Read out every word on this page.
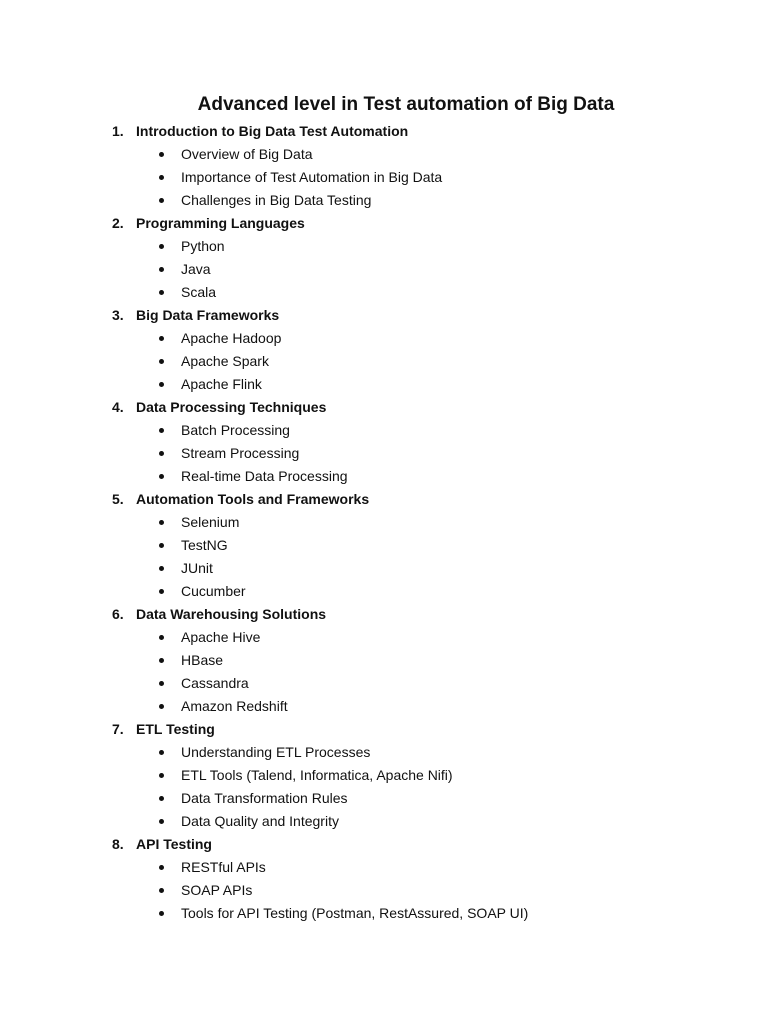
Advanced level in Test automation of Big Data
1. Introduction to Big Data Test Automation
Overview of Big Data
Importance of Test Automation in Big Data
Challenges in Big Data Testing
2. Programming Languages
Python
Java
Scala
3. Big Data Frameworks
Apache Hadoop
Apache Spark
Apache Flink
4. Data Processing Techniques
Batch Processing
Stream Processing
Real-time Data Processing
5. Automation Tools and Frameworks
Selenium
TestNG
JUnit
Cucumber
6. Data Warehousing Solutions
Apache Hive
HBase
Cassandra
Amazon Redshift
7. ETL Testing
Understanding ETL Processes
ETL Tools (Talend, Informatica, Apache Nifi)
Data Transformation Rules
Data Quality and Integrity
8. API Testing
RESTful APIs
SOAP APIs
Tools for API Testing (Postman, RestAssured, SOAP UI)
